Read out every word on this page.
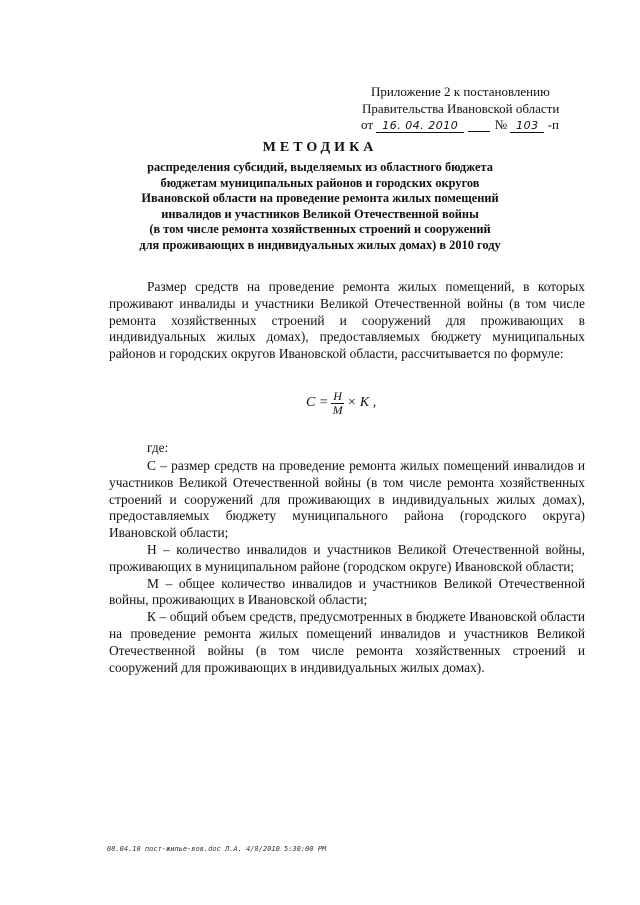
Приложение 2 к постановлению
Правительства Ивановской области
от 16. 04. 2010	№ 103 -п
МЕТОДИКА
распределения субсидий, выделяемых из областного бюджета
бюджетам муниципальных районов и городских округов
Ивановской области на проведение ремонта жилых помещений
инвалидов и участников Великой Отечественной войны
(в том числе ремонта хозяйственных строений и сооружений
для проживающих в индивидуальных жилых домах) в 2010 году

Размер средств на проведение ремонта жилых помещений, в которых проживают инвалиды и участники Великой Отечественной войны (в том числе ремонта хозяйственных строений и сооружений для проживающих в индивидуальных жилых домах), предоставляемых бюджету муниципальных районов и городских округов Ивановской области, рассчитывается по формуле:

$C = \frac{H}{M} \times K$ ,
где:

С – размер средств на проведение ремонта жилых помещений инвалидов и участников Великой Отечественной войны (в том числе ремонта хозяйственных строений и сооружений для проживающих в индивидуальных жилых домах), предоставляемых бюджету муниципального района (городского округа) Ивановской области;

Н – количество инвалидов и участников Великой Отечественной войны, проживающих в муниципальном районе (городском округе) Ивановской области;

М – общее количество инвалидов и участников Великой Отечественной войны, проживающих в Ивановской области;

К – общий объем средств, предусмотренных в бюджете Ивановской области на проведение ремонта жилых помещений инвалидов и участников Великой Отечественной войны (в том числе ремонта хозяйственных строений и сооружений для проживающих в индивидуальных жилых домах).

08.04.10 пост-жилье-вов.doc Л.А. 4/8/2010 5:30:00 PM
